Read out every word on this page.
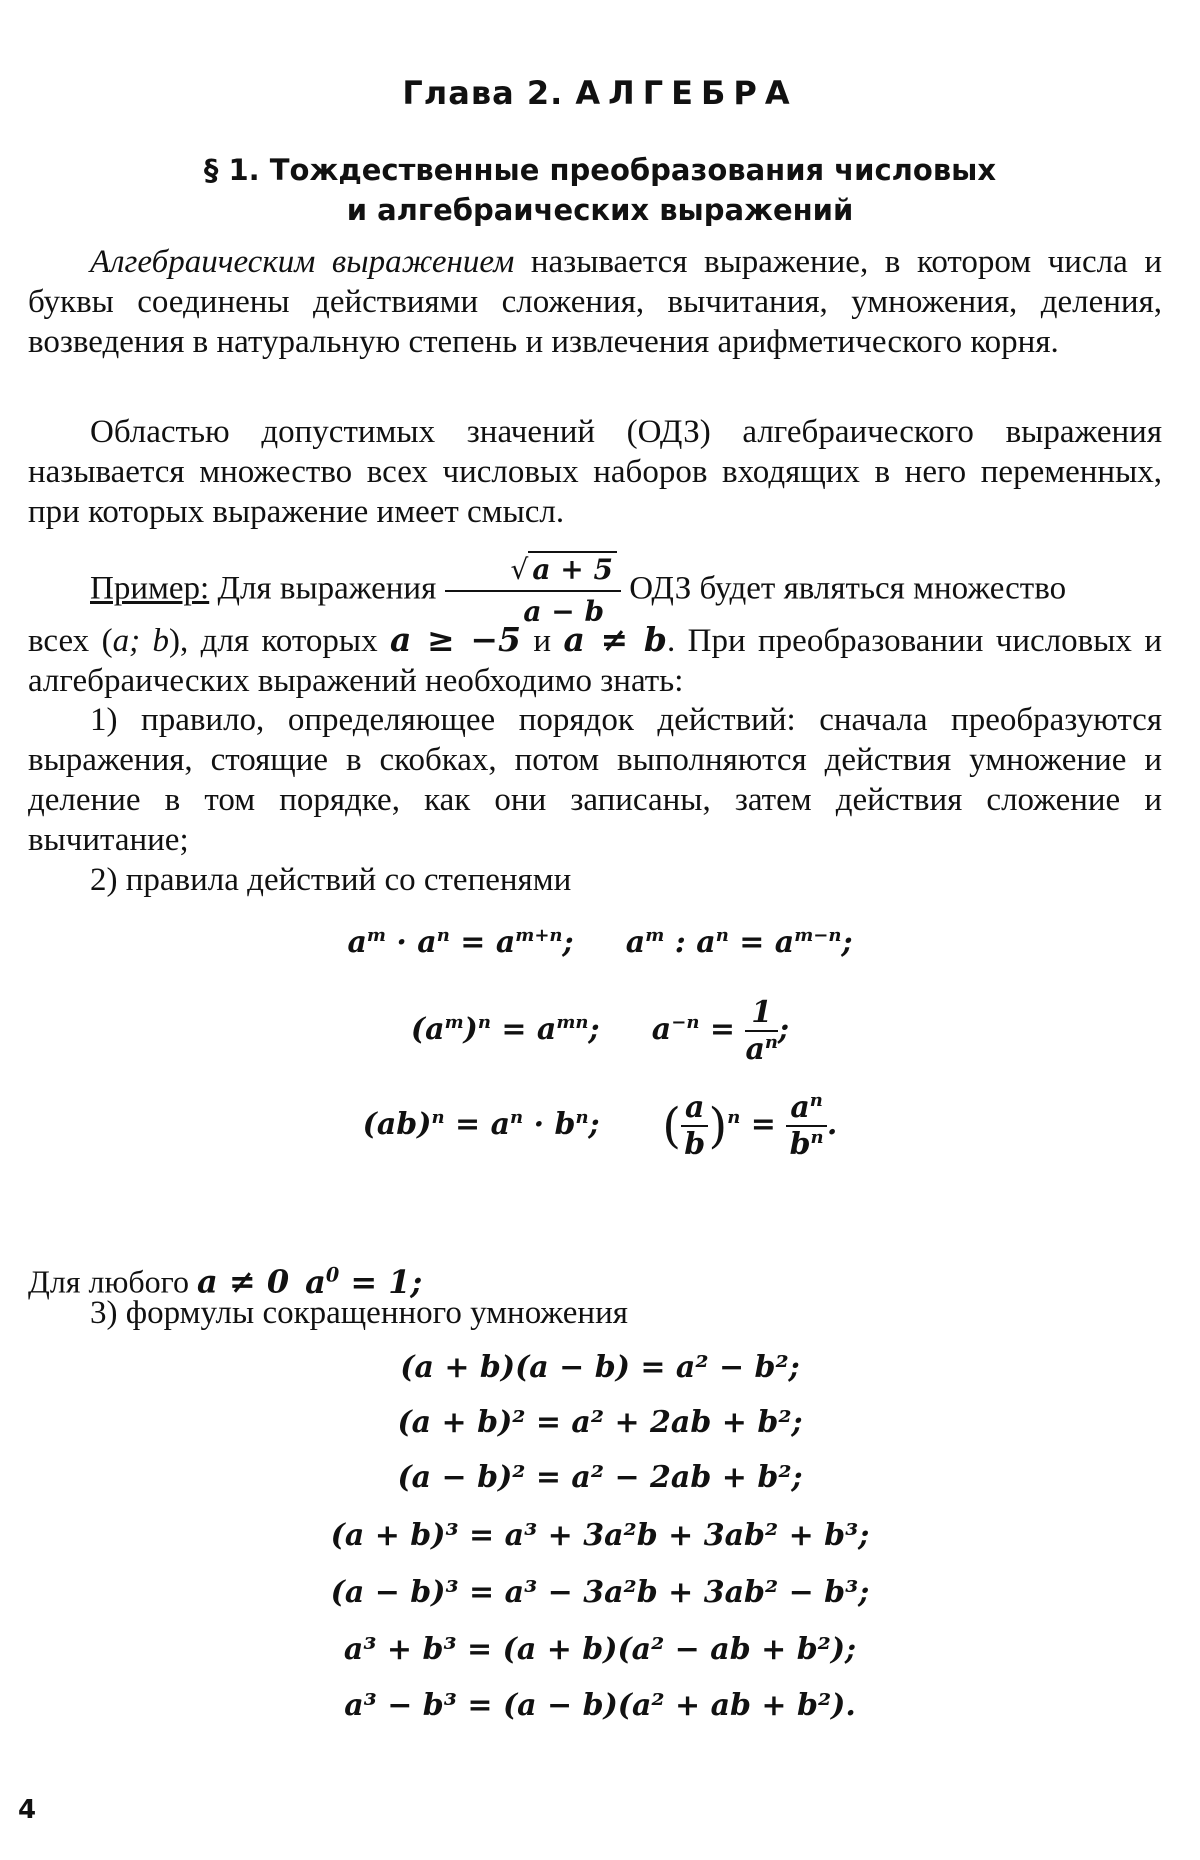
Глава 2. АЛГЕБРА
§ 1. Тождественные преобразования числовых
и алгебраических выражений
Алгебраическим выражением называется выражение, в котором числа и буквы соединены действиями сложения, вычитания, умножения, деления, возведения в натуральную степень и извлечения арифметического корня.
Областью допустимых значений (ОДЗ) алгебраического выражения называется множество всех числовых наборов входящих в него переменных, при которых выражение имеет смысл.
Пример: Для выражения $\frac{√ a + 5}{a - b}$ ОДЗ будет являться множество
всех (a; b), для которых a ≥ −5 и a ≠ b. При преобразовании числовых и алгебраических выражений необходимо знать:
1) правило, определяющее порядок действий: сначала преобразуются выражения, стоящие в скобках, потом выполняются действия умножение и деление в том порядке, как они записаны, затем действия сложение и вычитание;
2) правила действий со степенями
$a^m \cdot a^n = a^{m+n}$;     $a^m$ : $a^n = a^{m-n}$;
$(a^m)^n = a^{mn}$;     $a^{-n} = \frac{1}{a^n}$ ;
$(ab)^n = a^n \cdot b^n$;      ( $\frac{a}{b} )^n = \frac{a^n}{b^n}$ .
Для любого a ≠ 0 $a^0 = 1$;
3) формулы сокращенного умножения
(a + b)(a − b) = a² − b²;
(a + b)² = a² + 2ab + b²;
(a − b)² = a² − 2ab + b²;
(a + b)³ = a³ + 3a²b + 3ab² + b³;
(a − b)³ = a³ − 3a²b + 3ab² − b³;
a³ + b³ = (a + b)(a² − ab + b²);
a³ − b³ = (a − b)(a² + ab + b²).
4
